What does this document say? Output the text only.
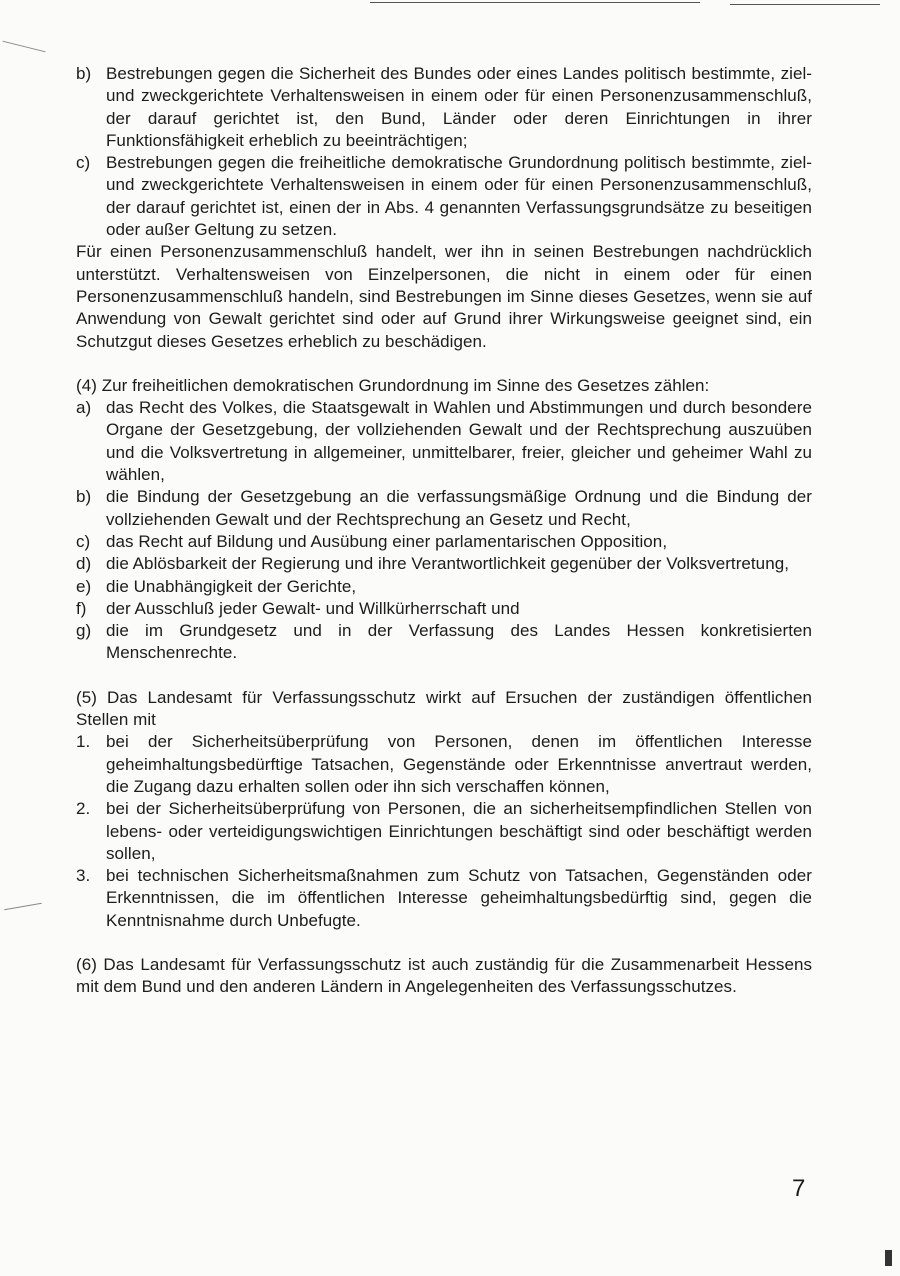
b) Bestrebungen gegen die Sicherheit des Bundes oder eines Landes politisch bestimmte, ziel- und zweckgerichtete Verhaltensweisen in einem oder für einen Personenzusammenschluß, der darauf gerichtet ist, den Bund, Länder oder deren Einrichtungen in ihrer Funktionsfähigkeit erheblich zu beeinträchtigen;
c) Bestrebungen gegen die freiheitliche demokratische Grundordnung politisch bestimmte, ziel- und zweckgerichtete Verhaltensweisen in einem oder für einen Personenzusammenschluß, der darauf gerichtet ist, einen der in Abs. 4 genannten Verfassungsgrundsätze zu beseitigen oder außer Geltung zu setzen.
Für einen Personenzusammenschluß handelt, wer ihn in seinen Bestrebungen nachdrücklich unterstützt. Verhaltensweisen von Einzelpersonen, die nicht in einem oder für einen Personenzusammenschluß handeln, sind Bestrebungen im Sinne dieses Gesetzes, wenn sie auf Anwendung von Gewalt gerichtet sind oder auf Grund ihrer Wirkungsweise geeignet sind, ein Schutzgut dieses Gesetzes erheblich zu beschädigen.
(4) Zur freiheitlichen demokratischen Grundordnung im Sinne des Gesetzes zählen:
a) das Recht des Volkes, die Staatsgewalt in Wahlen und Abstimmungen und durch besondere Organe der Gesetzgebung, der vollziehenden Gewalt und der Rechtsprechung auszuüben und die Volksvertretung in allgemeiner, unmittelbarer, freier, gleicher und geheimer Wahl zu wählen,
b) die Bindung der Gesetzgebung an die verfassungsmäßige Ordnung und die Bindung der vollziehenden Gewalt und der Rechtsprechung an Gesetz und Recht,
c) das Recht auf Bildung und Ausübung einer parlamentarischen Opposition,
d) die Ablösbarkeit der Regierung und ihre Verantwortlichkeit gegenüber der Volksvertretung,
e) die Unabhängigkeit der Gerichte,
f)	der Ausschluß jeder Gewalt- und Willkürherrschaft und
g) die im Grundgesetz und in der Verfassung des Landes Hessen konkretisierten Menschenrechte.
(5) Das Landesamt für Verfassungsschutz wirkt auf Ersuchen der zuständigen öffentlichen Stellen mit
1. bei der Sicherheitsüberprüfung von Personen, denen im öffentlichen Interesse geheimhaltungsbedürftige Tatsachen, Gegenstände oder Erkenntnisse anvertraut werden, die Zugang dazu erhalten sollen oder ihn sich verschaffen können,
2. bei der Sicherheitsüberprüfung von Personen, die an sicherheitsempfindlichen Stellen von lebens- oder verteidigungswichtigen Einrichtungen beschäftigt sind oder beschäftigt werden sollen,
3. bei technischen Sicherheitsmaßnahmen zum Schutz von Tatsachen, Gegenständen oder Erkenntnissen, die im öffentlichen Interesse geheimhaltungsbedürftig sind, gegen die Kenntnisnahme durch Unbefugte.
(6) Das Landesamt für Verfassungsschutz ist auch zuständig für die Zusammenarbeit Hessens mit dem Bund und den anderen Ländern in Angelegenheiten des Verfassungsschutzes.
7
